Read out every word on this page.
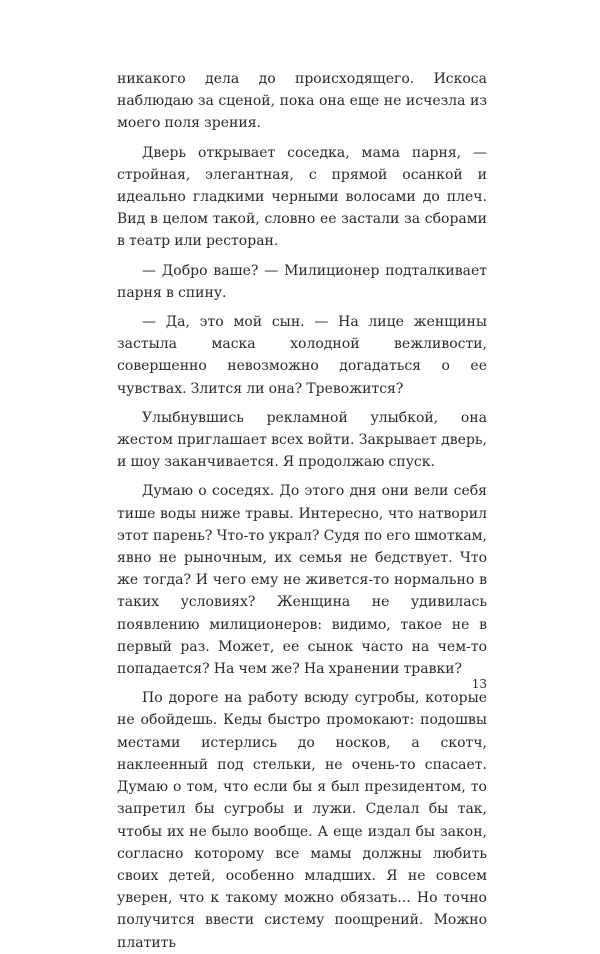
никакого дела до происходящего. Искоса наблюдаю за сценой, пока она еще не исчезла из моего поля зрения.

Дверь открывает соседка, мама парня, — стройная, элегантная, с прямой осанкой и идеально гладкими черными волосами до плеч. Вид в целом такой, словно ее застали за сборами в театр или ресторан.

— Добро ваше? — Милиционер подталкивает парня в спину.

— Да, это мой сын. — На лице женщины застыла маска холодной вежливости, совершенно невозможно догадаться о ее чувствах. Злится ли она? Тревожится?

Улыбнувшись рекламной улыбкой, она жестом приглашает всех войти. Закрывает дверь, и шоу заканчивается. Я продолжаю спуск.

Думаю о соседях. До этого дня они вели себя тише воды ниже травы. Интересно, что натворил этот парень? Что-то украл? Судя по его шмоткам, явно не рыночным, их семья не бедствует. Что же тогда? И чего ему не живется-то нормально в таких условиях? Женщина не удивилась появлению милиционеров: видимо, такое не в первый раз. Может, ее сынок часто на чем-то попадается? На чем же? На хранении травки?

По дороге на работу всюду сугробы, которые не обойдешь. Кеды быстро промокают: подошвы местами истерлись до носков, а скотч, наклеенный под стельки, не очень-то спасает. Думаю о том, что если бы я был президентом, то запретил бы сугробы и лужи. Сделал бы так, чтобы их не было вообще. А еще издал бы закон, согласно которому все мамы должны любить своих детей, особенно младших. Я не совсем уверен, что к такому можно обязать... Но точно получится ввести систему поощрений. Можно платить

13
